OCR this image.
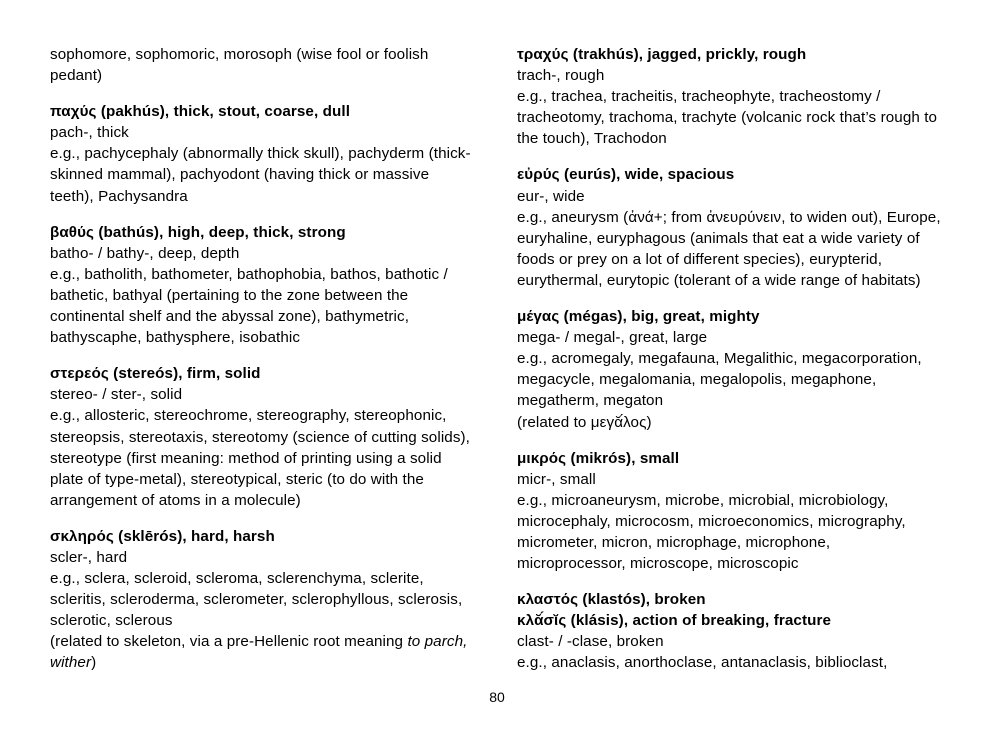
sophomore, sophomoric, morosoph (wise fool or foolish

pedant)

παχύς (pakhús), thick, stout, coarse, dull

pach-, thick

e.g., pachycephaly (abnormally thick skull), pachyderm (thick-

skinned mammal), pachyodont (having thick or massive

teeth), Pachysandra

βαθύς (bathús), high, deep, thick, strong

batho- / bathy-, deep, depth

e.g., batholith, bathometer, bathophobia, bathos, bathotic /

bathetic, bathyal (pertaining to the zone between the

continental shelf and the abyssal zone), bathymetric,

bathyscaphe, bathysphere, isobathic

στερεός (stereós), firm, solid

stereo- / ster-, solid

e.g., allosteric, stereochrome, stereography, stereophonic,

stereopsis, stereotaxis, stereotomy (science of cutting solids),

stereotype (first meaning: method of printing using a solid

plate of type-metal), stereotypical, steric (to do with the

arrangement of atoms in a molecule)

σκληρός (sklērós), hard, harsh

scler-, hard

e.g., sclera, scleroid, scleroma, sclerenchyma, sclerite,

scleritis, scleroderma, sclerometer, sclerophyllous, sclerosis,

sclerotic, sclerous

(related to skeleton, via a pre-Hellenic root meaning to parch,

wither)

τραχύς (trakhús), jagged, prickly, rough

trach-, rough

e.g., trachea, tracheitis, tracheophyte, tracheostomy /

tracheotomy, trachoma, trachyte (volcanic rock that’s rough to

the touch), Trachodon

εὐρύς (eurús), wide, spacious

eur-, wide

e.g., aneurysm (ἀνά+; from ἀνευρύνειν, to widen out), Europe,

euryhaline, euryphagous (animals that eat a wide variety of

foods or prey on a lot of different species), eurypterid,

eurythermal, eurytopic (tolerant of a wide range of habitats)

μέγας (mégas), big, great, mighty

mega- / megal-, great, large

e.g., acromegaly, megafauna, Megalithic, megacorporation,

megacycle, megalomania, megalopolis, megaphone,

megatherm, megaton

(related to μεγᾰ́λος)

μικρός (mikrós), small

micr-, small

e.g., microaneurysm, microbe, microbial, microbiology,

microcephaly, microcosm, microeconomics, micrography,

micrometer, micron, microphage, microphone,

microprocessor, microscope, microscopic

κλαστός (klastós), broken

κλᾰ́σῐς (klásis), action of breaking, fracture

clast- / -clase, broken

e.g., anaclasis, anorthoclase, antanaclasis, biblioclast,

80
